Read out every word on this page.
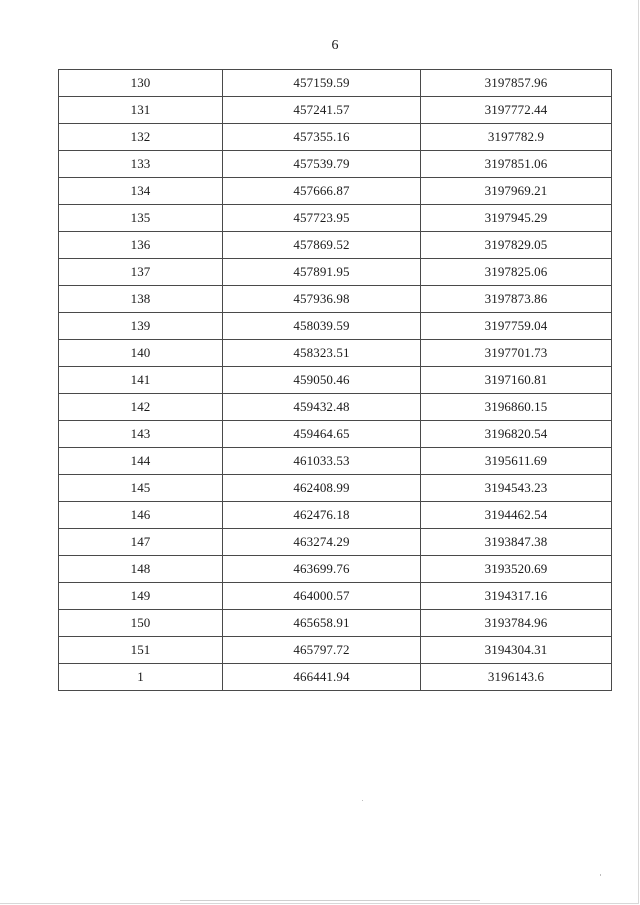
6
130	457159.59	3197857.96
131	457241.57	3197772.44
132	457355.16	3197782.9
133	457539.79	3197851.06
134	457666.87	3197969.21
135	457723.95	3197945.29
136	457869.52	3197829.05
137	457891.95	3197825.06
138	457936.98	3197873.86
139	458039.59	3197759.04
140	458323.51	3197701.73
141	459050.46	3197160.81
142	459432.48	3196860.15
143	459464.65	3196820.54
144	461033.53	3195611.69
145	462408.99	3194543.23
146	462476.18	3194462.54
147	463274.29	3193847.38
148	463699.76	3193520.69
149	464000.57	3194317.16
150	465658.91	3193784.96
151	465797.72	3194304.31
1	466441.94	3196143.6
